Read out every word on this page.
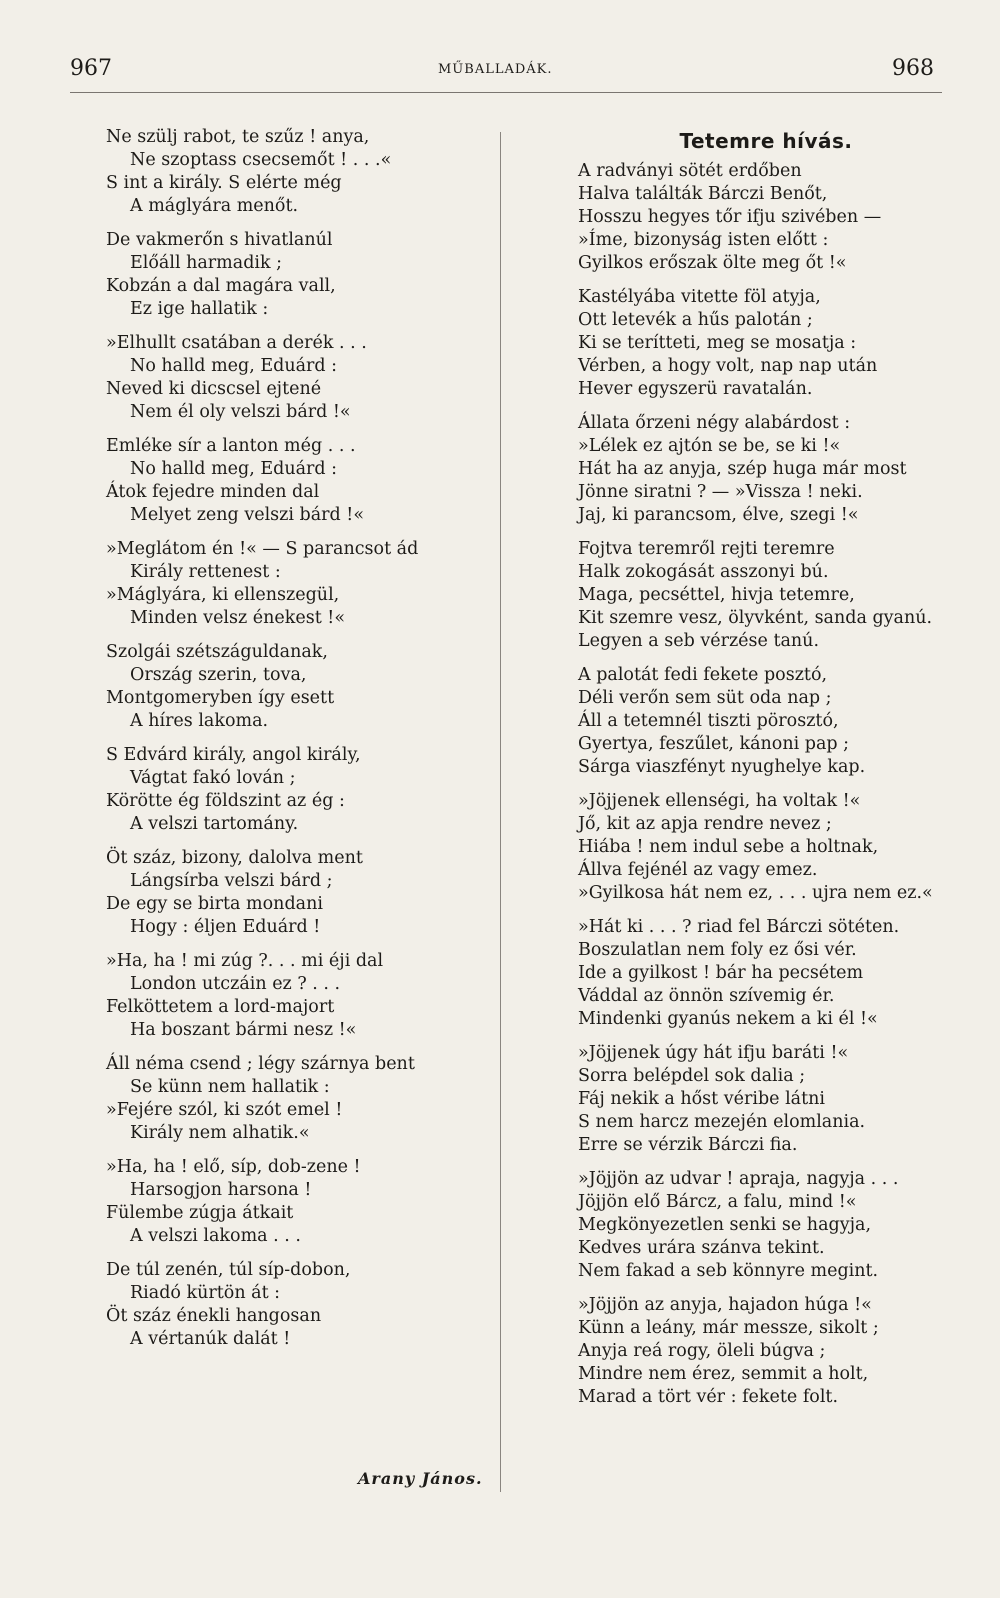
967	MŰBALLADÁK.	968
Ne szülj rabot, te szűz ! anya,
Ne szoptass csecsemőt ! . . .«
S int a király. S elérte még
A máglyára menőt.
De vakmerőn s hivatlanúl
Előáll harmadik ;
Kobzán a dal magára vall,
Ez ige hallatik :
»Elhullt csatában a derék . . .
No halld meg, Eduárd :
Neved ki dicscsel ejtené
Nem él oly velszi bárd !«
Emléke sír a lanton még . . .
No halld meg, Eduárd :
Átok fejedre minden dal
Melyet zeng velszi bárd !«
»Meglátom én !« — S parancsot ád
Király rettenest :
»Máglyára, ki ellenszegül,
Minden velsz énekest !«
Szolgái szétszáguldanak,
Ország szerin, tova,
Montgomeryben így esett
A híres lakoma.
S Edvárd király, angol király,
Vágtat fakó lován ;
Körötte ég földszint az ég :
A velszi tartomány.
Öt száz, bizony, dalolva ment
Lángsírba velszi bárd ;
De egy se birta mondani
Hogy : éljen Eduárd !
»Ha, ha ! mi zúg ?. . . mi éji dal
London utczáin ez ? . . .
Felköttetem a lord-majort
Ha boszant bármi nesz !«
Áll néma csend ; légy szárnya bent
Se künn nem hallatik :
»Fejére szól, ki szót emel !
Király nem alhatik.«
»Ha, ha ! elő, síp, dob-zene !
Harsogjon harsona !
Fülembe zúgja átkait
A velszi lakoma . . .
De túl zenén, túl síp-dobon,
Riadó kürtön át :
Öt száz énekli hangosan
A vértanúk dalát !
Arany János.
Tetemre hívás.
A radványi sötét erdőben
Halva találták Bárczi Benőt,
Hosszu hegyes tőr ifju szivében —
»Íme, bizonyság isten előtt :
Gyilkos erőszak ölte meg őt !«
Kastélyába vitette föl atyja,
Ott letevék a hűs palotán ;
Ki se terítteti, meg se mosatja :
Vérben, a hogy volt, nap nap után
Hever egyszerü ravatalán.
Állata őrzeni négy alabárdost :
»Lélek ez ajtón se be, se ki !«
Hát ha az anyja, szép huga már most
Jönne siratni ? — »Vissza ! neki.
Jaj, ki parancsom, élve, szegi !«
Fojtva teremről rejti teremre
Halk zokogását asszonyi bú.
Maga, pecséttel, hivja tetemre,
Kit szemre vesz, ölyvként, sanda gyanú.
Legyen a seb vérzése tanú.
A palotát fedi fekete posztó,
Déli verőn sem süt oda nap ;
Áll a tetemnél tiszti pörosztó,
Gyertya, feszűlet, kánoni pap ;
Sárga viaszfényt nyughelye kap.
»Jöjjenek ellenségi, ha voltak !«
Jő, kit az apja rendre nevez ;
Hiába ! nem indul sebe a holtnak,
Állva fejénél az vagy emez.
»Gyilkosa hát nem ez, . . . ujra nem ez.«
»Hát ki . . . ? riad fel Bárczi sötéten.
Boszulatlan nem foly ez ősi vér.
Ide a gyilkost ! bár ha pecsétem
Váddal az önnön szívemig ér.
Mindenki gyanús nekem a ki él !«
»Jöjjenek úgy hát ifju baráti !«
Sorra belépdel sok dalia ;
Fáj nekik a hőst véribe látni
S nem harcz mezején elomlania.
Erre se vérzik Bárczi fia.
»Jöjjön az udvar ! apraja, nagyja . . .
Jöjjön elő Bárcz, a falu, mind !«
Megkönyezetlen senki se hagyja,
Kedves urára szánva tekint.
Nem fakad a seb könnyre megint.
»Jöjjön az anyja, hajadon húga !«
Künn a leány, már messze, sikolt ;
Anyja reá rogy, öleli búgva ;
Mindre nem érez, semmit a holt,
Marad a tört vér : fekete folt.
